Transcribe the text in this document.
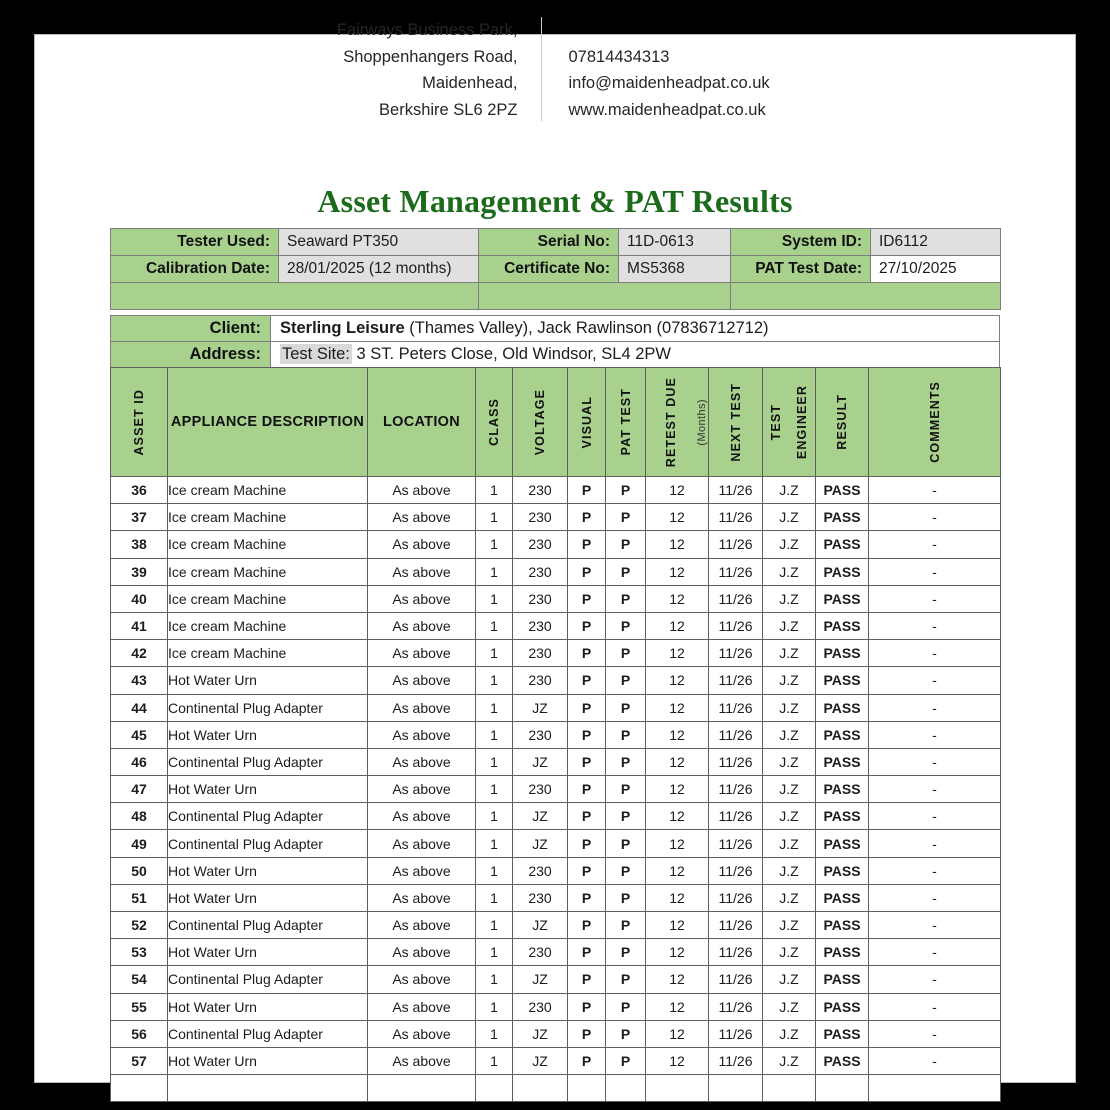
Fairways Business Park,
Shoppenhangers Road,
Maidenhead,
Berkshire SL6 2PZ
07814434313
info@maidenheadpat.co.uk
www.maidenheadpat.co.uk
Asset Management & PAT Results
Tester Used:	Seaward PT350	Serial No:	11D-0613	System ID:	ID6112
Calibration Date:	28/01/2025 (12 months)	Certificate No:	MS5368	PAT Test Date:	27/10/2025

Client:	Sterling Leisure (Thames Valley), Jack Rawlinson (07836712712)
Address:	Test Site: 3 ST. Peters Close, Old Windsor, SL4 2PW
ASSET ID	APPLIANCE DESCRIPTION	LOCATION	CLASS	VOLTAGE	VISUAL	PAT TEST	RETEST DUE (Months)	NEXT TEST	TEST ENGINEER	RESULT	COMMENTS

36	Ice cream Machine	As above	1	230	P	P	12	11/26	J.Z	PASS	-
37	Ice cream Machine	As above	1	230	P	P	12	11/26	J.Z	PASS	-
38	Ice cream Machine	As above	1	230	P	P	12	11/26	J.Z	PASS	-
39	Ice cream Machine	As above	1	230	P	P	12	11/26	J.Z	PASS	-
40	Ice cream Machine	As above	1	230	P	P	12	11/26	J.Z	PASS	-
41	Ice cream Machine	As above	1	230	P	P	12	11/26	J.Z	PASS	-
42	Ice cream Machine	As above	1	230	P	P	12	11/26	J.Z	PASS	-
43	Hot Water Urn	As above	1	230	P	P	12	11/26	J.Z	PASS	-
44	Continental Plug Adapter	As above	1	JZ	P	P	12	11/26	J.Z	PASS	-
45	Hot Water Urn	As above	1	230	P	P	12	11/26	J.Z	PASS	-
46	Continental Plug Adapter	As above	1	JZ	P	P	12	11/26	J.Z	PASS	-
47	Hot Water Urn	As above	1	230	P	P	12	11/26	J.Z	PASS	-
48	Continental Plug Adapter	As above	1	JZ	P	P	12	11/26	J.Z	PASS	-
49	Continental Plug Adapter	As above	1	JZ	P	P	12	11/26	J.Z	PASS	-
50	Hot Water Urn	As above	1	230	P	P	12	11/26	J.Z	PASS	-
51	Hot Water Urn	As above	1	230	P	P	12	11/26	J.Z	PASS	-
52	Continental Plug Adapter	As above	1	JZ	P	P	12	11/26	J.Z	PASS	-
53	Hot Water Urn	As above	1	230	P	P	12	11/26	J.Z	PASS	-
54	Continental Plug Adapter	As above	1	JZ	P	P	12	11/26	J.Z	PASS	-
55	Hot Water Urn	As above	1	230	P	P	12	11/26	J.Z	PASS	-
56	Continental Plug Adapter	As above	1	JZ	P	P	12	11/26	J.Z	PASS	-
57	Hot Water Urn	As above	1	JZ	P	P	12	11/26	J.Z	PASS	-
